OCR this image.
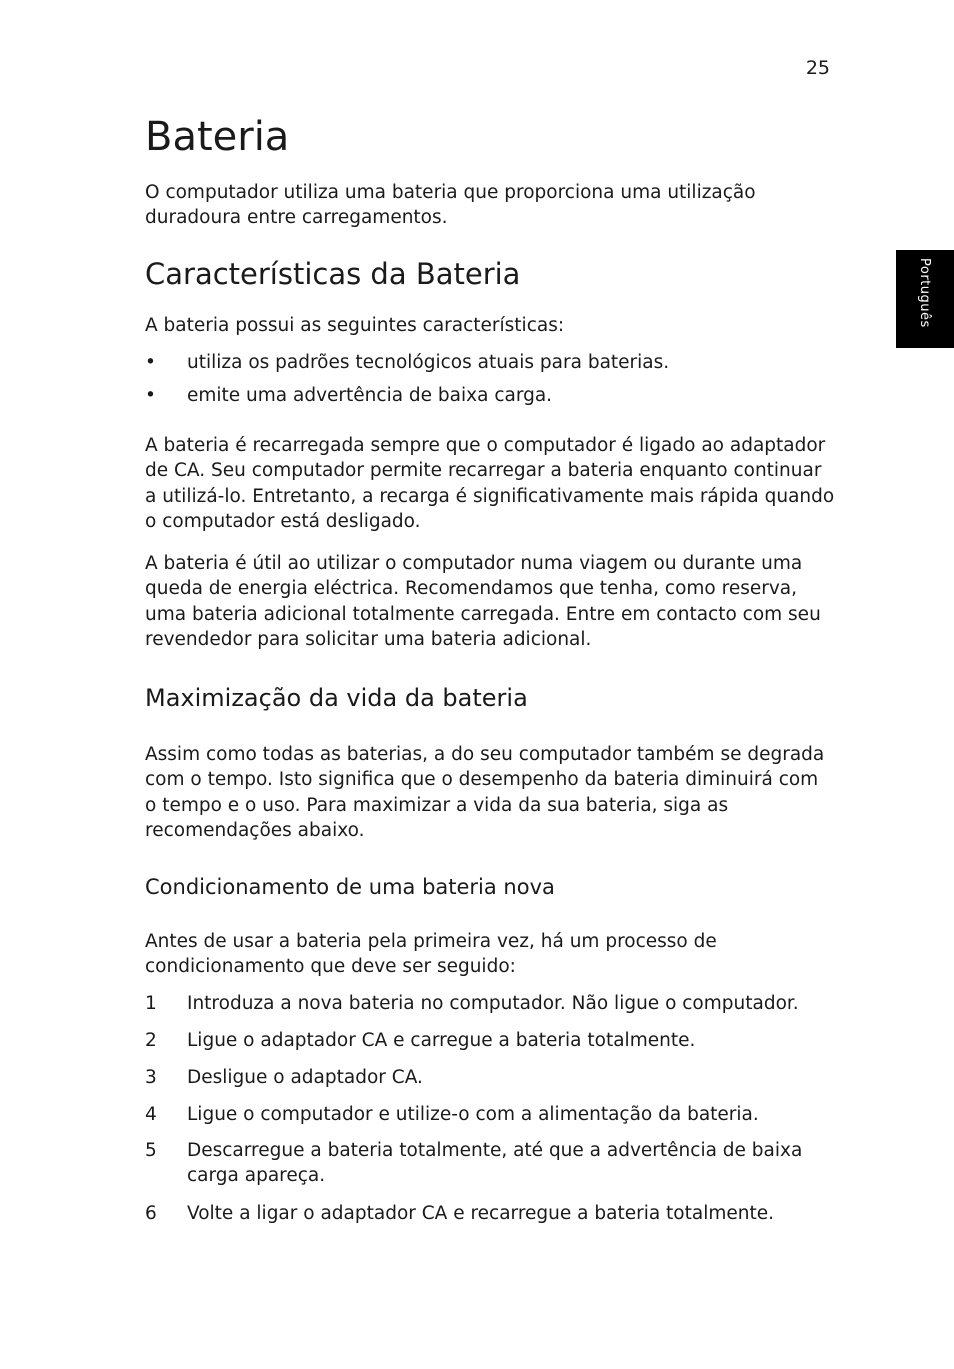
25
Português
Bateria

O computador utiliza uma bateria que proporciona uma utilização duradoura entre carregamentos.

Características da Bateria

A bateria possui as seguintes características:

•	utiliza os padrões tecnológicos atuais para baterias.
•	emite uma advertência de baixa carga.

A bateria é recarregada sempre que o computador é ligado ao adaptador de CA. Seu computador permite recarregar a bateria enquanto continuar a utilizá-lo. Entretanto, a recarga é significativamente mais rápida quando o computador está desligado.

A bateria é útil ao utilizar o computador numa viagem ou durante uma queda de energia eléctrica. Recomendamos que tenha, como reserva, uma bateria adicional totalmente carregada. Entre em contacto com seu revendedor para solicitar uma bateria adicional.

Maximização da vida da bateria

Assim como todas as baterias, a do seu computador também se degrada com o tempo. Isto significa que o desempenho da bateria diminuirá com o tempo e o uso. Para maximizar a vida da sua bateria, siga as recomendações abaixo.

Condicionamento de uma bateria nova

Antes de usar a bateria pela primeira vez, há um processo de condicionamento que deve ser seguido:

1	Introduza a nova bateria no computador. Não ligue o computador.
2	Ligue o adaptador CA e carregue a bateria totalmente.
3	Desligue o adaptador CA.
4	Ligue o computador e utilize-o com a alimentação da bateria.
5	Descarregue a bateria totalmente, até que a advertência de baixa carga apareça.
6	Volte a ligar o adaptador CA e recarregue a bateria totalmente.
